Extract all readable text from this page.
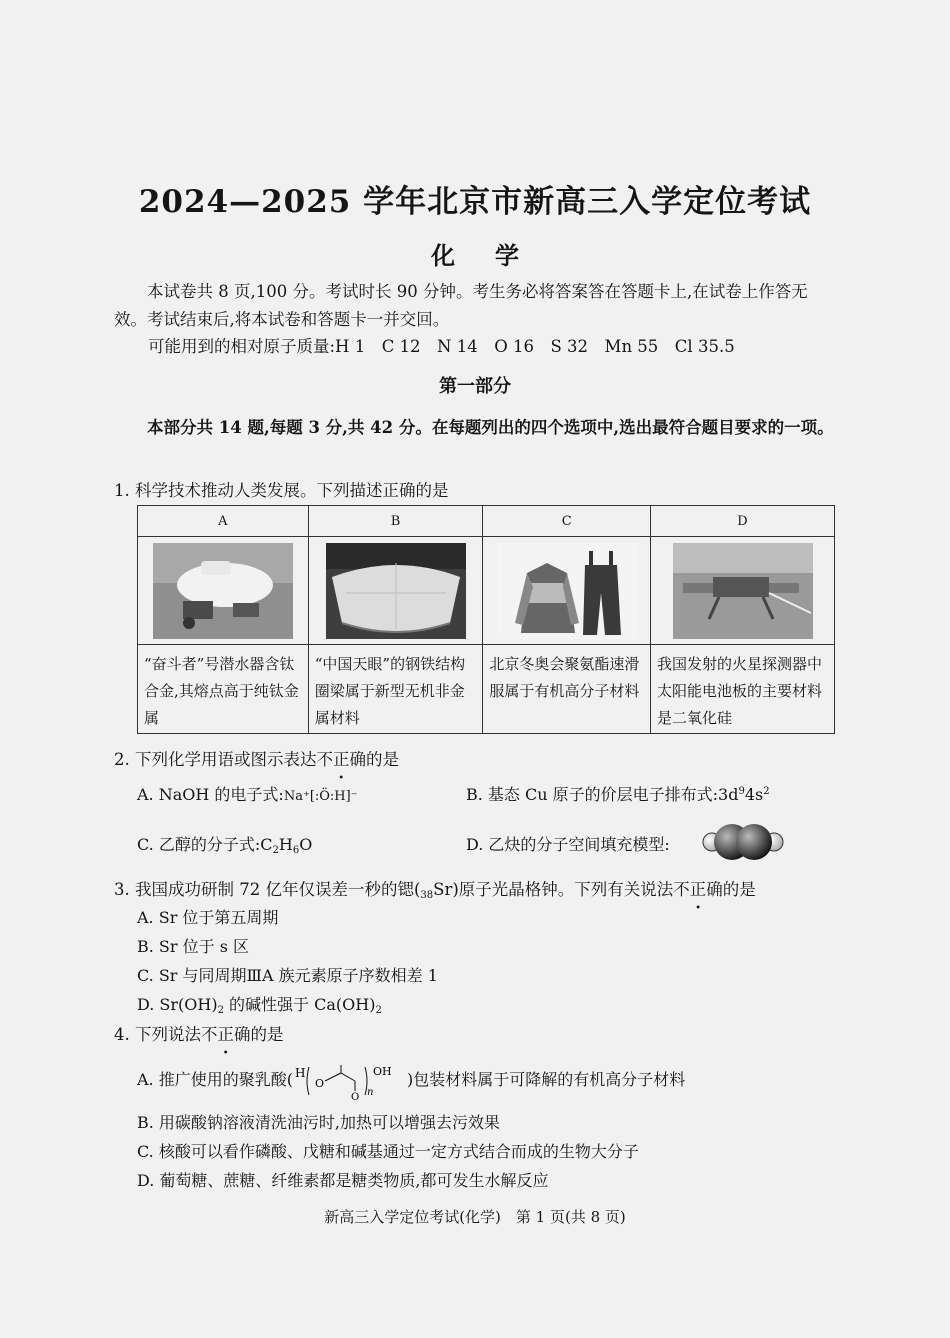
2024—2025 学年北京市新高三入学定位考试
化学
本试卷共 8 页,100 分。考试时长 90 分钟。考生务必将答案答在答题卡上,在试卷上作答无效。考试结束后,将本试卷和答题卡一并交回。
可能用到的相对原子质量:H 1　C 12　N 14　O 16　S 32　Mn 55　Cl 35.5
第一部分
本部分共 14 题,每题 3 分,共 42 分。在每题列出的四个选项中,选出最符合题目要求的一项。
1. 科学技术推动人类发展。下列描述正确的是
A	B	C	D

“奋斗者”号潜水器含钛合金,其熔点高于纯钛金属	“中国天眼”的钢铁结构圈梁属于新型无机非金属材料	北京冬奥会聚氨酯速滑服属于有机高分子材料	我国发射的火星探测器中太阳能电池板的主要材料是二氧化硅
2. 下列化学用语或图示表达不正确的是
A. NaOH 的电子式:Na⁺[:Ö:H]⁻	B. 基态 Cu 原子的价层电子排布式$:3d^94s^2$
C. 乙醇的分子式$:C_2H_6O$	D. 乙炔的分子空间填充模型:
3. 我国成功研制 72 亿年仅误差一秒的锶$(_{38}Sr)$原子光晶格钟。下列有关说法不正确的是
A. Sr 位于第五周期
B. Sr 位于 s 区
C. Sr 与同周期ⅢA 族元素原子序数相差 1
D. $Sr(OH)_2$ 的碱性强于 $Ca(OH)_2$
4. 下列说法不正确的是
A. 推广使用的聚乳酸( H
O
O n
OH )包装材料属于可降解的有机高分子材料
B. 用碳酸钠溶液清洗油污时,加热可以增强去污效果
C. 核酸可以看作磷酸、戊糖和碱基通过一定方式结合而成的生物大分子
D. 葡萄糖、蔗糖、纤维素都是糖类物质,都可发生水解反应
新高三入学定位考试(化学)　第 1 页(共 8 页)
